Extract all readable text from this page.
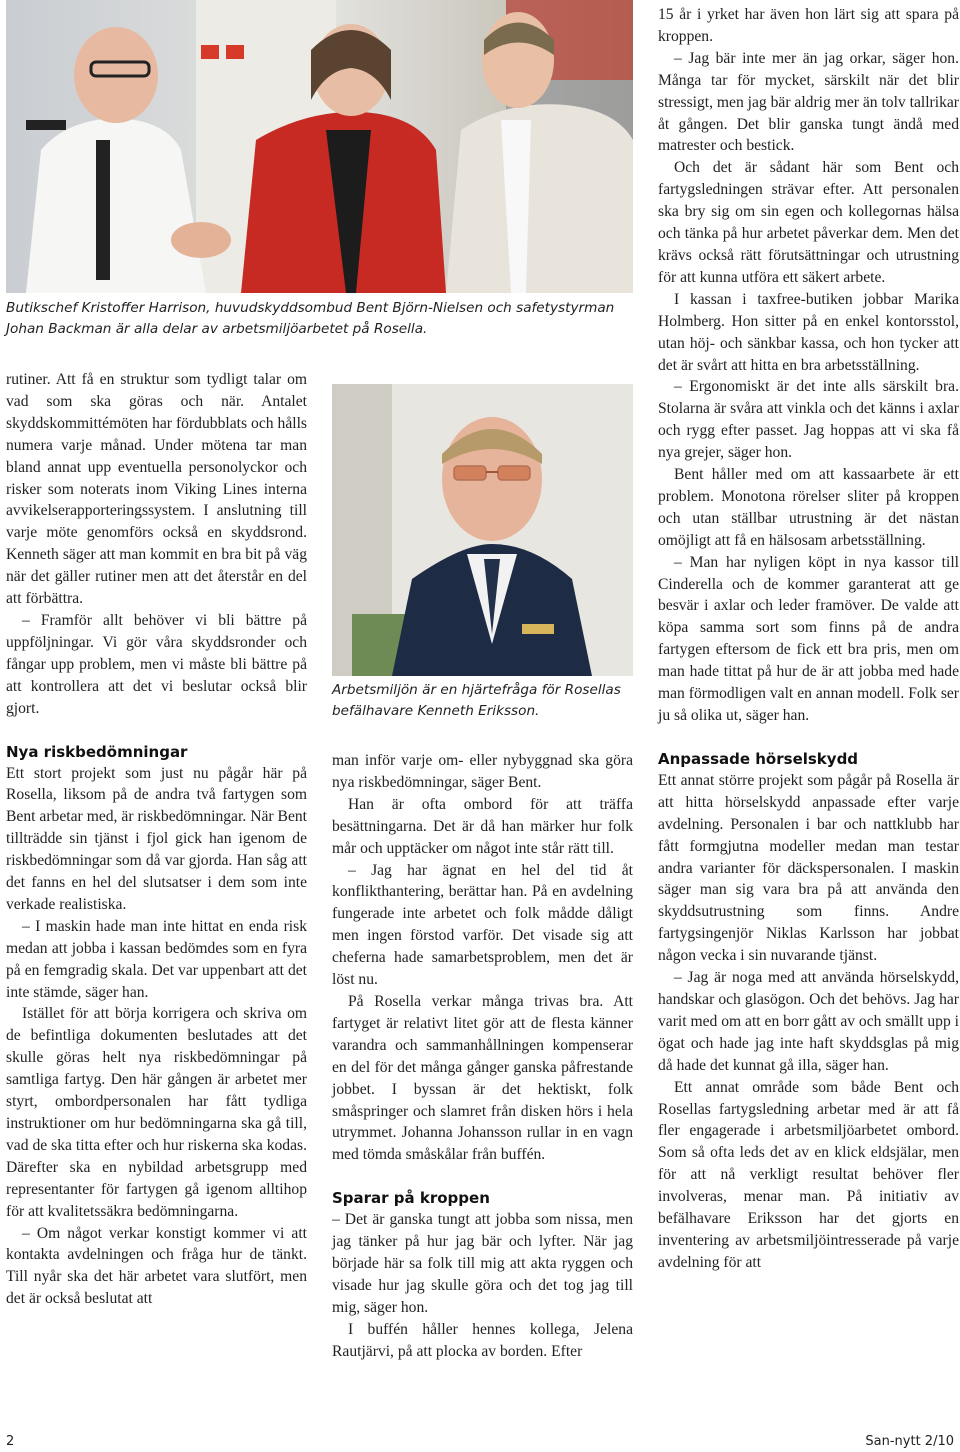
Butikschef Kristoffer Harrison, huvudskyddsombud Bent Björn-Nielsen och safetystyrman Johan Backman är alla delar av arbetsmiljöarbetet på Rosella.
Arbetsmiljön är en hjärtefråga för Rosellas befälhavare Kenneth Eriksson.

rutiner. Att få en struktur som tydligt talar om vad som ska göras och när. Antalet skyddskommittémöten har fördubblats och hålls numera varje månad. Under mötena tar man bland annat upp eventuella personolyckor och risker som noterats inom Viking Lines interna avvikelserapporteringssystem. I anslutning till varje möte genomförs också en skyddsrond. Kenneth säger att man kommit en bra bit på väg när det gäller rutiner men att det återstår en del att förbättra.

– Framför allt behöver vi bli bättre på uppföljningar. Vi gör våra skyddsronder och fångar upp problem, men vi måste bli bättre på att kontrollera att det vi beslutar också blir gjort.

Nya riskbedömningar

Ett stort projekt som just nu pågår här på Rosella, liksom på de andra två fartygen som Bent arbetar med, är riskbedömningar. När Bent tillträdde sin tjänst i fjol gick han igenom de riskbedömningar som då var gjorda. Han såg att det fanns en hel del slutsatser i dem som inte verkade realistiska.

– I maskin hade man inte hittat en enda risk medan att jobba i kassan bedömdes som en fyra på en femgradig skala. Det var uppenbart att det inte stämde, säger han.

Istället för att börja korrigera och skriva om de befintliga dokumenten beslutades att det skulle göras helt nya riskbedömningar på samtliga fartyg. Den här gången är arbetet mer styrt, ombordpersonalen har fått tydliga instruktioner om hur bedömningarna ska gå till, vad de ska titta efter och hur riskerna ska kodas. Därefter ska en nybildad arbetsgrupp med representanter för fartygen gå igenom alltihop för att kvalitetssäkra bedömningarna.

– Om något verkar konstigt kommer vi att kontakta avdelningen och fråga hur de tänkt. Till nyår ska det här arbetet vara slutfört, men det är också beslutat att

man inför varje om- eller nybyggnad ska göra nya riskbedömningar, säger Bent.

Han är ofta ombord för att träffa besättningarna. Det är då han märker hur folk mår och upptäcker om något inte står rätt till.

– Jag har ägnat en hel del tid åt konflikthantering, berättar han. På en avdelning fungerade inte arbetet och folk mådde dåligt men ingen förstod varför. Det visade sig att cheferna hade samarbetsproblem, men det är löst nu.

På Rosella verkar många trivas bra. Att fartyget är relativt litet gör att de flesta känner varandra och sammanhållningen kompenserar en del för det många gånger ganska påfrestande jobbet. I byssan är det hektiskt, folk småspringer och slamret från disken hörs i hela utrymmet. Johanna Johansson rullar in en vagn med tömda småskålar från buffén.

Sparar på kroppen

– Det är ganska tungt att jobba som nissa, men jag tänker på hur jag bär och lyfter. När jag började här sa folk till mig att akta ryggen och visade hur jag skulle göra och det tog jag till mig, säger hon.

I buffén håller hennes kollega, Jelena Rautjärvi, på att plocka av borden. Efter

15 år i yrket har även hon lärt sig att spara på kroppen.

– Jag bär inte mer än jag orkar, säger hon. Många tar för mycket, särskilt när det blir stressigt, men jag bär aldrig mer än tolv tallrikar åt gången. Det blir ganska tungt ändå med matrester och bestick.

Och det är sådant här som Bent och fartygsledningen strävar efter. Att personalen ska bry sig om sin egen och kollegornas hälsa och tänka på hur arbetet påverkar dem. Men det krävs också rätt förutsättningar och utrustning för att kunna utföra ett säkert arbete.

I kassan i taxfree-butiken jobbar Marika Holmberg. Hon sitter på en enkel kontorsstol, utan höj- och sänkbar kassa, och hon tycker att det är svårt att hitta en bra arbetsställning.

– Ergonomiskt är det inte alls särskilt bra. Stolarna är svåra att vinkla och det känns i axlar och rygg efter passet. Jag hoppas att vi ska få nya grejer, säger hon.

Bent håller med om att kassaarbete är ett problem. Monotona rörelser sliter på kroppen och utan ställbar utrustning är det nästan omöjligt att få en hälsosam arbetsställning.

– Man har nyligen köpt in nya kassor till Cinderella och de kommer garanterat att ge besvär i axlar och leder framöver. De valde att köpa samma sort som finns på de andra fartygen eftersom de fick ett bra pris, men om man hade tittat på hur de är att jobba med hade man förmodligen valt en annan modell. Folk ser ju så olika ut, säger han.

Anpassade hörselskydd

Ett annat större projekt som pågår på Rosella är att hitta hörselskydd anpassade efter varje avdelning. Personalen i bar och nattklubb har fått formgjutna modeller medan man testar andra varianter för däckspersonalen. I maskin säger man sig vara bra på att använda den skyddsutrustning som finns. Andre fartygsingenjör Niklas Karlsson har jobbat någon vecka i sin nuvarande tjänst.

– Jag är noga med att använda hörselskydd, handskar och glasögon. Och det behövs. Jag har varit med om att en borr gått av och smällt upp i ögat och hade jag inte haft skyddsglas på mig då hade det kunnat gå illa, säger han.

Ett annat område som både Bent och Rosellas fartygsledning arbetar med är att få fler engagerade i arbetsmiljöarbetet ombord. Som så ofta leds det av en klick eldsjälar, men för att nå verkligt resultat behöver fler involveras, menar man. På initiativ av befälhavare Eriksson har det gjorts en inventering av arbetsmiljöintresserade på varje avdelning för att

2	San-nytt 2/10
